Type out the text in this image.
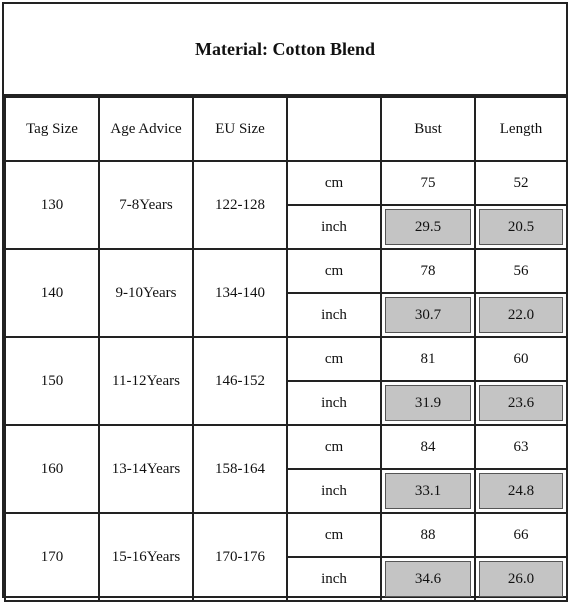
Material: Cotton Blend
Tag Size	Age Advice	EU Size		Bust	Length
130	7-8Years	122-128	cm	75	52
			inch	29.5	20.5

140	9-10Years	134-140	cm	78	56
			inch	30.7	22.0

150	11-12Years	146-152	cm	81	60
			inch	31.9	23.6

160	13-14Years	158-164	cm	84	63
			inch	33.1	24.8

170	15-16Years	170-176	cm	88	66
			inch	34.6	26.0
